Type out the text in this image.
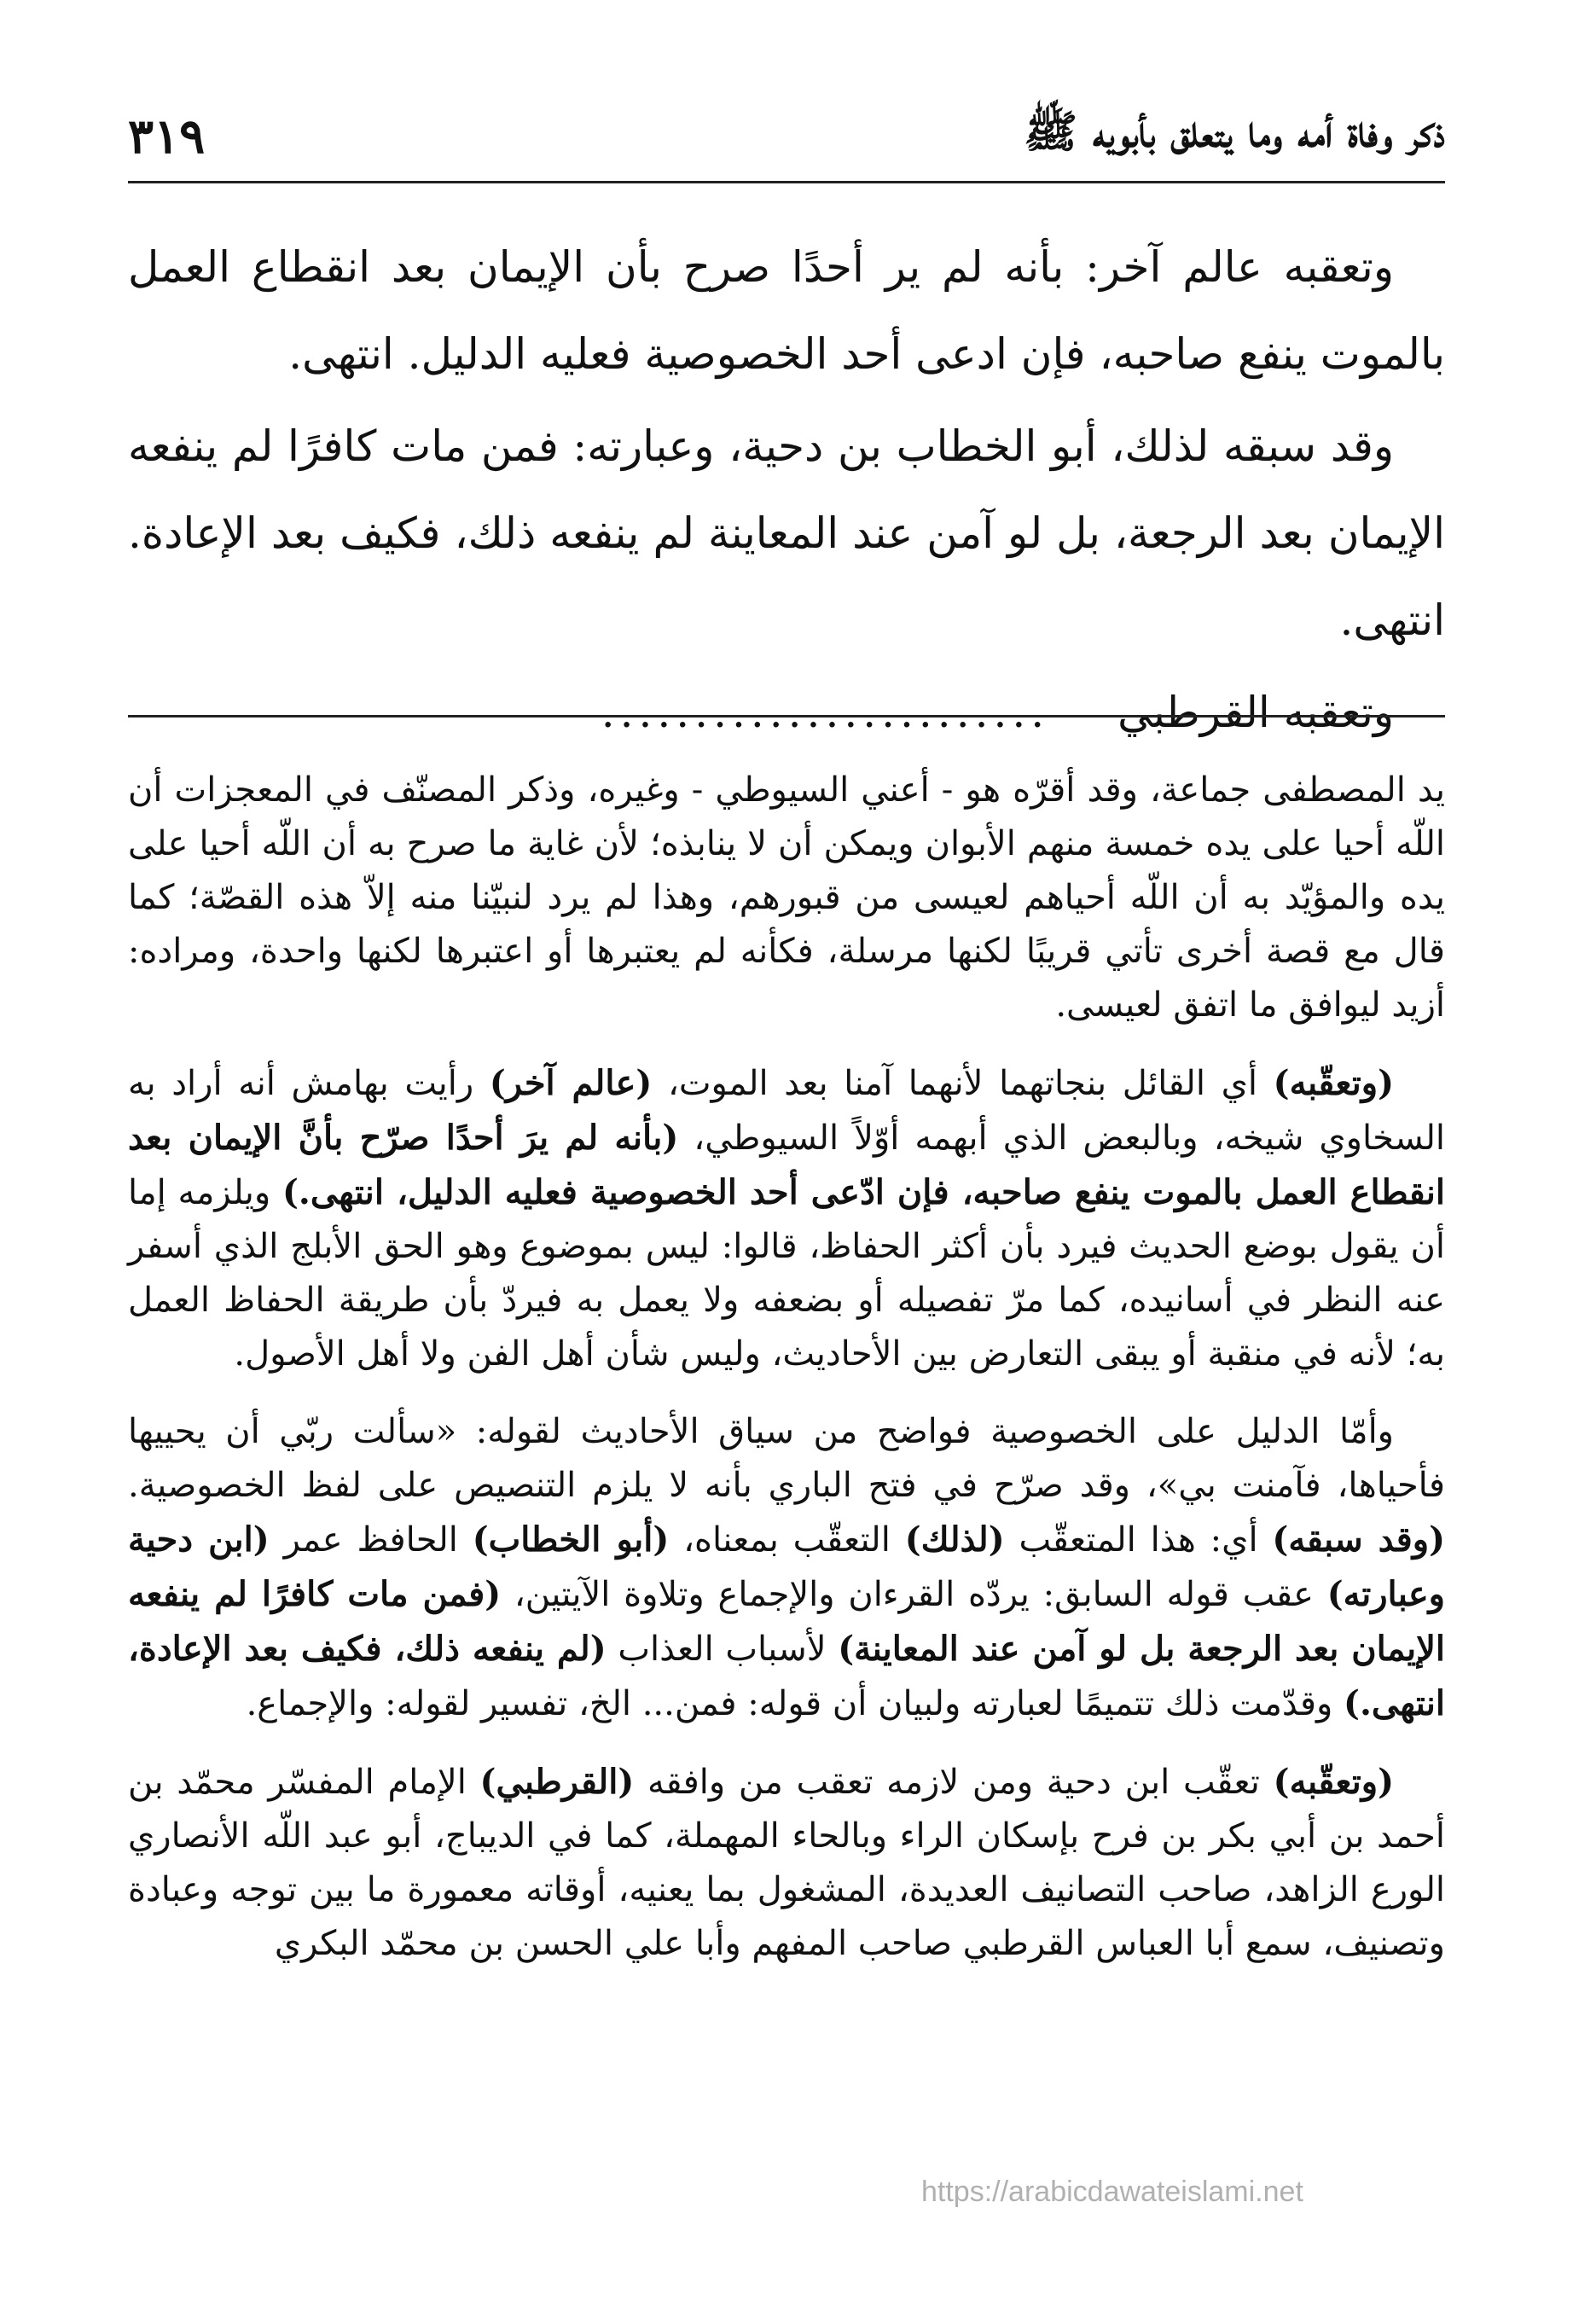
ذكر وفاة أمه وما يتعلق بأبويه ﷺ
٣١٩

وتعقبه عالم آخر: بأنه لم ير أحدًا صرح بأن الإيمان بعد انقطاع العمل بالموت ينفع صاحبه، فإن ادعى أحد الخصوصية فعليه الدليل. انتهى.

وقد سبقه لذلك، أبو الخطاب بن دحية، وعبارته: فمن مات كافرًا لم ينفعه الإيمان بعد الرجعة، بل لو آمن عند المعاينة لم ينفعه ذلك، فكيف بعد الإعادة. انتهى.

وتعقبه القرطبي
........................

يد المصطفى جماعة، وقد أقرّه هو - أعني السيوطي - وغيره، وذكر المصنّف في المعجزات أن اللّه أحيا على يده خمسة منهم الأبوان ويمكن أن لا ينابذه؛ لأن غاية ما صرح به أن اللّه أحيا على يده والمؤيّد به أن اللّه أحياهم لعيسى من قبورهم، وهذا لم يرد لنبيّنا منه إلاّ هذه القصّة؛ كما قال مع قصة أخرى تأتي قريبًا لكنها مرسلة، فكأنه لم يعتبرها أو اعتبرها لكنها واحدة، ومراده: أزيد ليوافق ما اتفق لعيسى.

(وتعقّبه) أي القائل بنجاتهما لأنهما آمنا بعد الموت، (عالم آخر) رأيت بهامش أنه أراد به السخاوي شيخه، وبالبعض الذي أبهمه أوّلاً السيوطي، (بأنه لم يرَ أحدًا صرّح بأنَّ الإيمان بعد انقطاع العمل بالموت ينفع صاحبه، فإن ادّعى أحد الخصوصية فعليه الدليل، انتهى.) ويلزمه إما أن يقول بوضع الحديث فيرد بأن أكثر الحفاظ، قالوا: ليس بموضوع وهو الحق الأبلج الذي أسفر عنه النظر في أسانيده، كما مرّ تفصيله أو بضعفه ولا يعمل به فيردّ بأن طريقة الحفاظ العمل به؛ لأنه في منقبة أو يبقى التعارض بين الأحاديث، وليس شأن أهل الفن ولا أهل الأصول.

وأمّا الدليل على الخصوصية فواضح من سياق الأحاديث لقوله: «سألت ربّي أن يحييها فأحياها، فآمنت بي»، وقد صرّح في فتح الباري بأنه لا يلزم التنصيص على لفظ الخصوصية. (وقد سبقه) أي: هذا المتعقّب (لذلك) التعقّب بمعناه، (أبو الخطاب) الحافظ عمر (ابن دحية وعبارته) عقب قوله السابق: يردّه القرءان والإجماع وتلاوة الآيتين، (فمن مات كافرًا لم ينفعه الإيمان بعد الرجعة بل لو آمن عند المعاينة) لأسباب العذاب (لم ينفعه ذلك، فكيف بعد الإعادة، انتهى.) وقدّمت ذلك تتميمًا لعبارته ولبيان أن قوله: فمن... الخ، تفسير لقوله: والإجماع.

(وتعقّبه) تعقّب ابن دحية ومن لازمه تعقب من وافقه (القرطبي) الإمام المفسّر محمّد بن أحمد بن أبي بكر بن فرح بإسكان الراء وبالحاء المهملة، كما في الديباج، أبو عبد اللّه الأنصاري الورع الزاهد، صاحب التصانيف العديدة، المشغول بما يعنيه، أوقاته معمورة ما بين توجه وعبادة وتصنيف، سمع أبا العباس القرطبي صاحب المفهم وأبا علي الحسن بن محمّد البكري

https://arabicdawateislami.net
